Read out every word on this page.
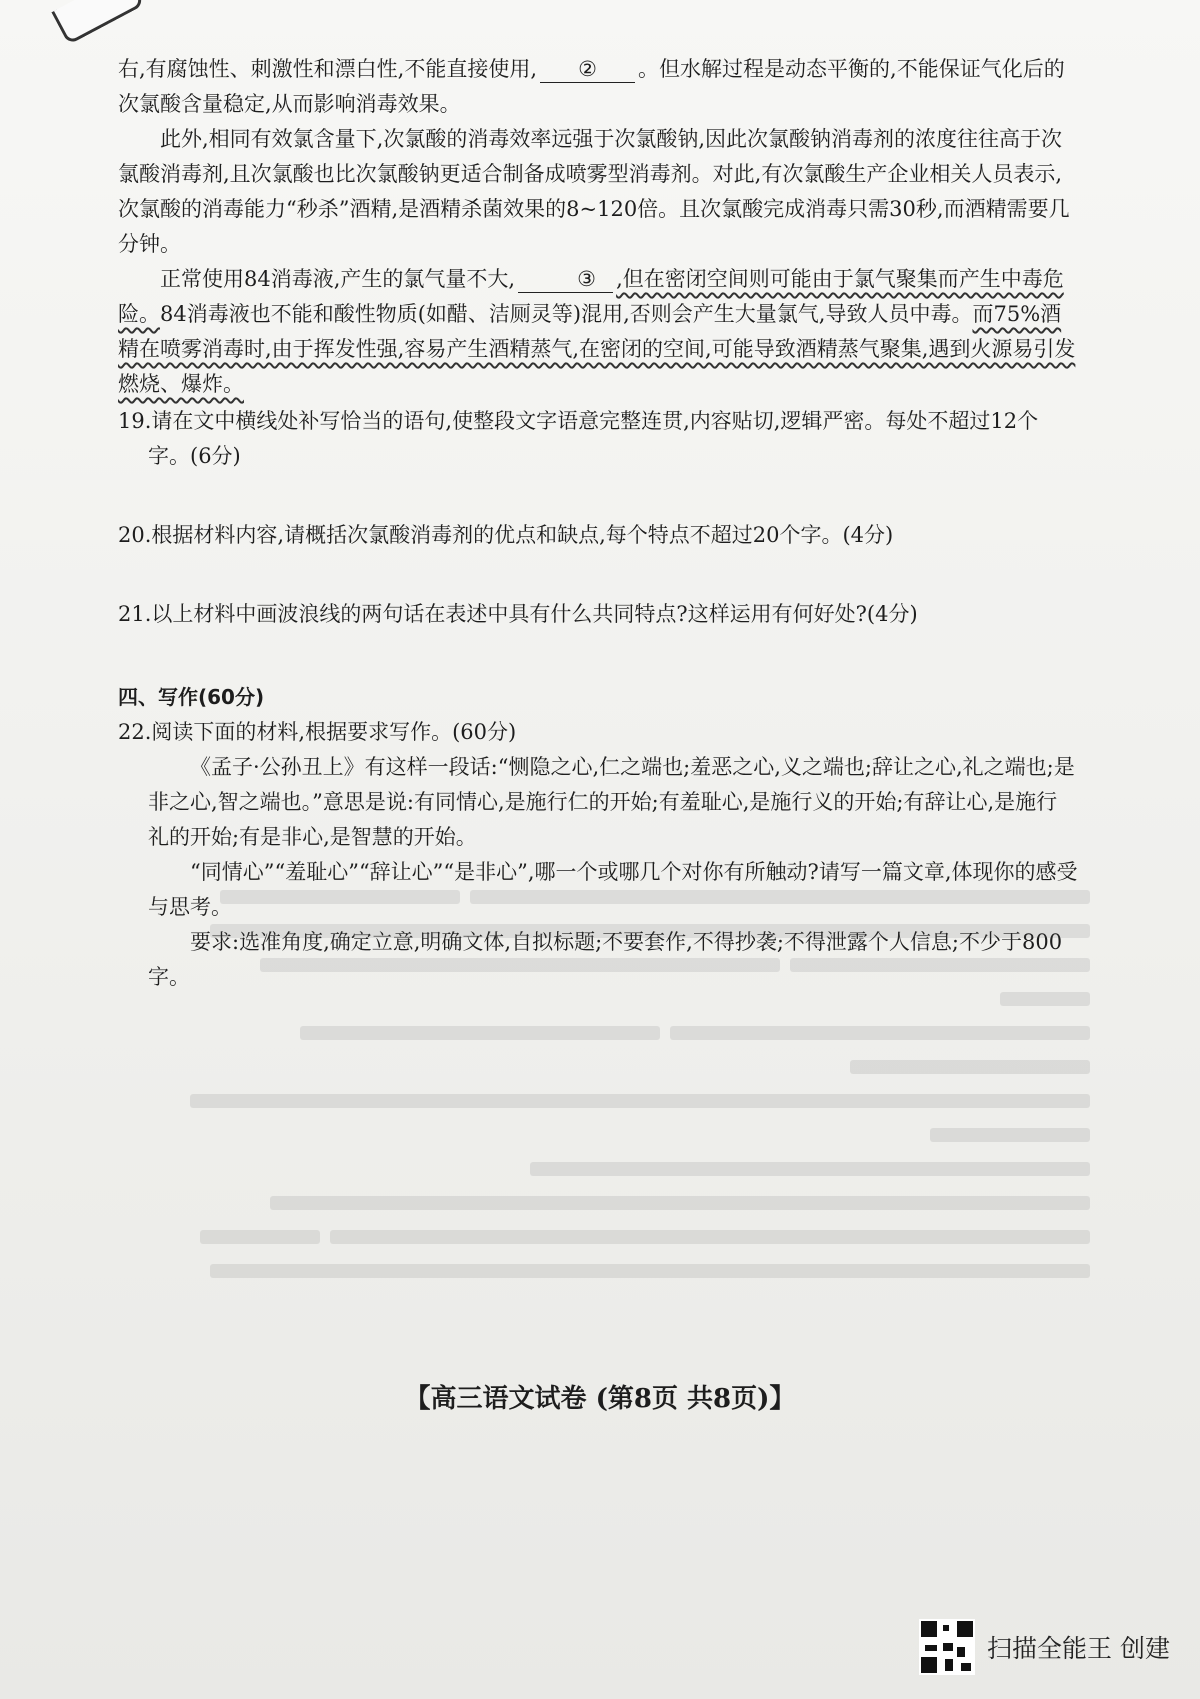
右,有腐蚀性、刺激性和漂白性,不能直接使用, ② 。但水解过程是动态平衡的,不能保证气化后的次氯酸含量稳定,从而影响消毒效果。

此外,相同有效氯含量下,次氯酸的消毒效率远强于次氯酸钠,因此次氯酸钠消毒剂的浓度往往高于次氯酸消毒剂,且次氯酸也比次氯酸钠更适合制备成喷雾型消毒剂。对此,有次氯酸生产企业相关人员表示,次氯酸的消毒能力“秒杀”酒精,是酒精杀菌效果的8~120倍。且次氯酸完成消毒只需30秒,而酒精需要几分钟。

正常使用84消毒液,产生的氯气量不大,	③ ,但在密闭空间则可能由于氯气聚集而产生中毒危险。84消毒液也不能和酸性物质(如醋、洁厕灵等)混用,否则会产生大量氯气,导致人员中毒。而75%酒精在喷雾消毒时,由于挥发性强,容易产生酒精蒸气,在密闭的空间,可能导致酒精蒸气聚集,遇到火源易引发燃烧、爆炸。

19.请在文中横线处补写恰当的语句,使整段文字语意完整连贯,内容贴切,逻辑严密。每处不超过12个字。(6分)

20.根据材料内容,请概括次氯酸消毒剂的优点和缺点,每个特点不超过20个字。(4分)

21.以上材料中画波浪线的两句话在表述中具有什么共同特点?这样运用有何好处?(4分)

四、写作(60分)

22.阅读下面的材料,根据要求写作。(60分)

《孟子·公孙丑上》有这样一段话:“恻隐之心,仁之端也;羞恶之心,义之端也;辞让之心,礼之端也;是非之心,智之端也。”意思是说:有同情心,是施行仁的开始;有羞耻心,是施行义的开始;有辞让心,是施行礼的开始;有是非心,是智慧的开始。

“同情心”“羞耻心”“辞让心”“是非心”,哪一个或哪几个对你有所触动?请写一篇文章,体现你的感受与思考。

要求:选准角度,确定立意,明确文体,自拟标题;不要套作,不得抄袭;不得泄露个人信息;不少于800字。

【高三语文试卷 (第8页 共8页)】
扫描全能王 创建
